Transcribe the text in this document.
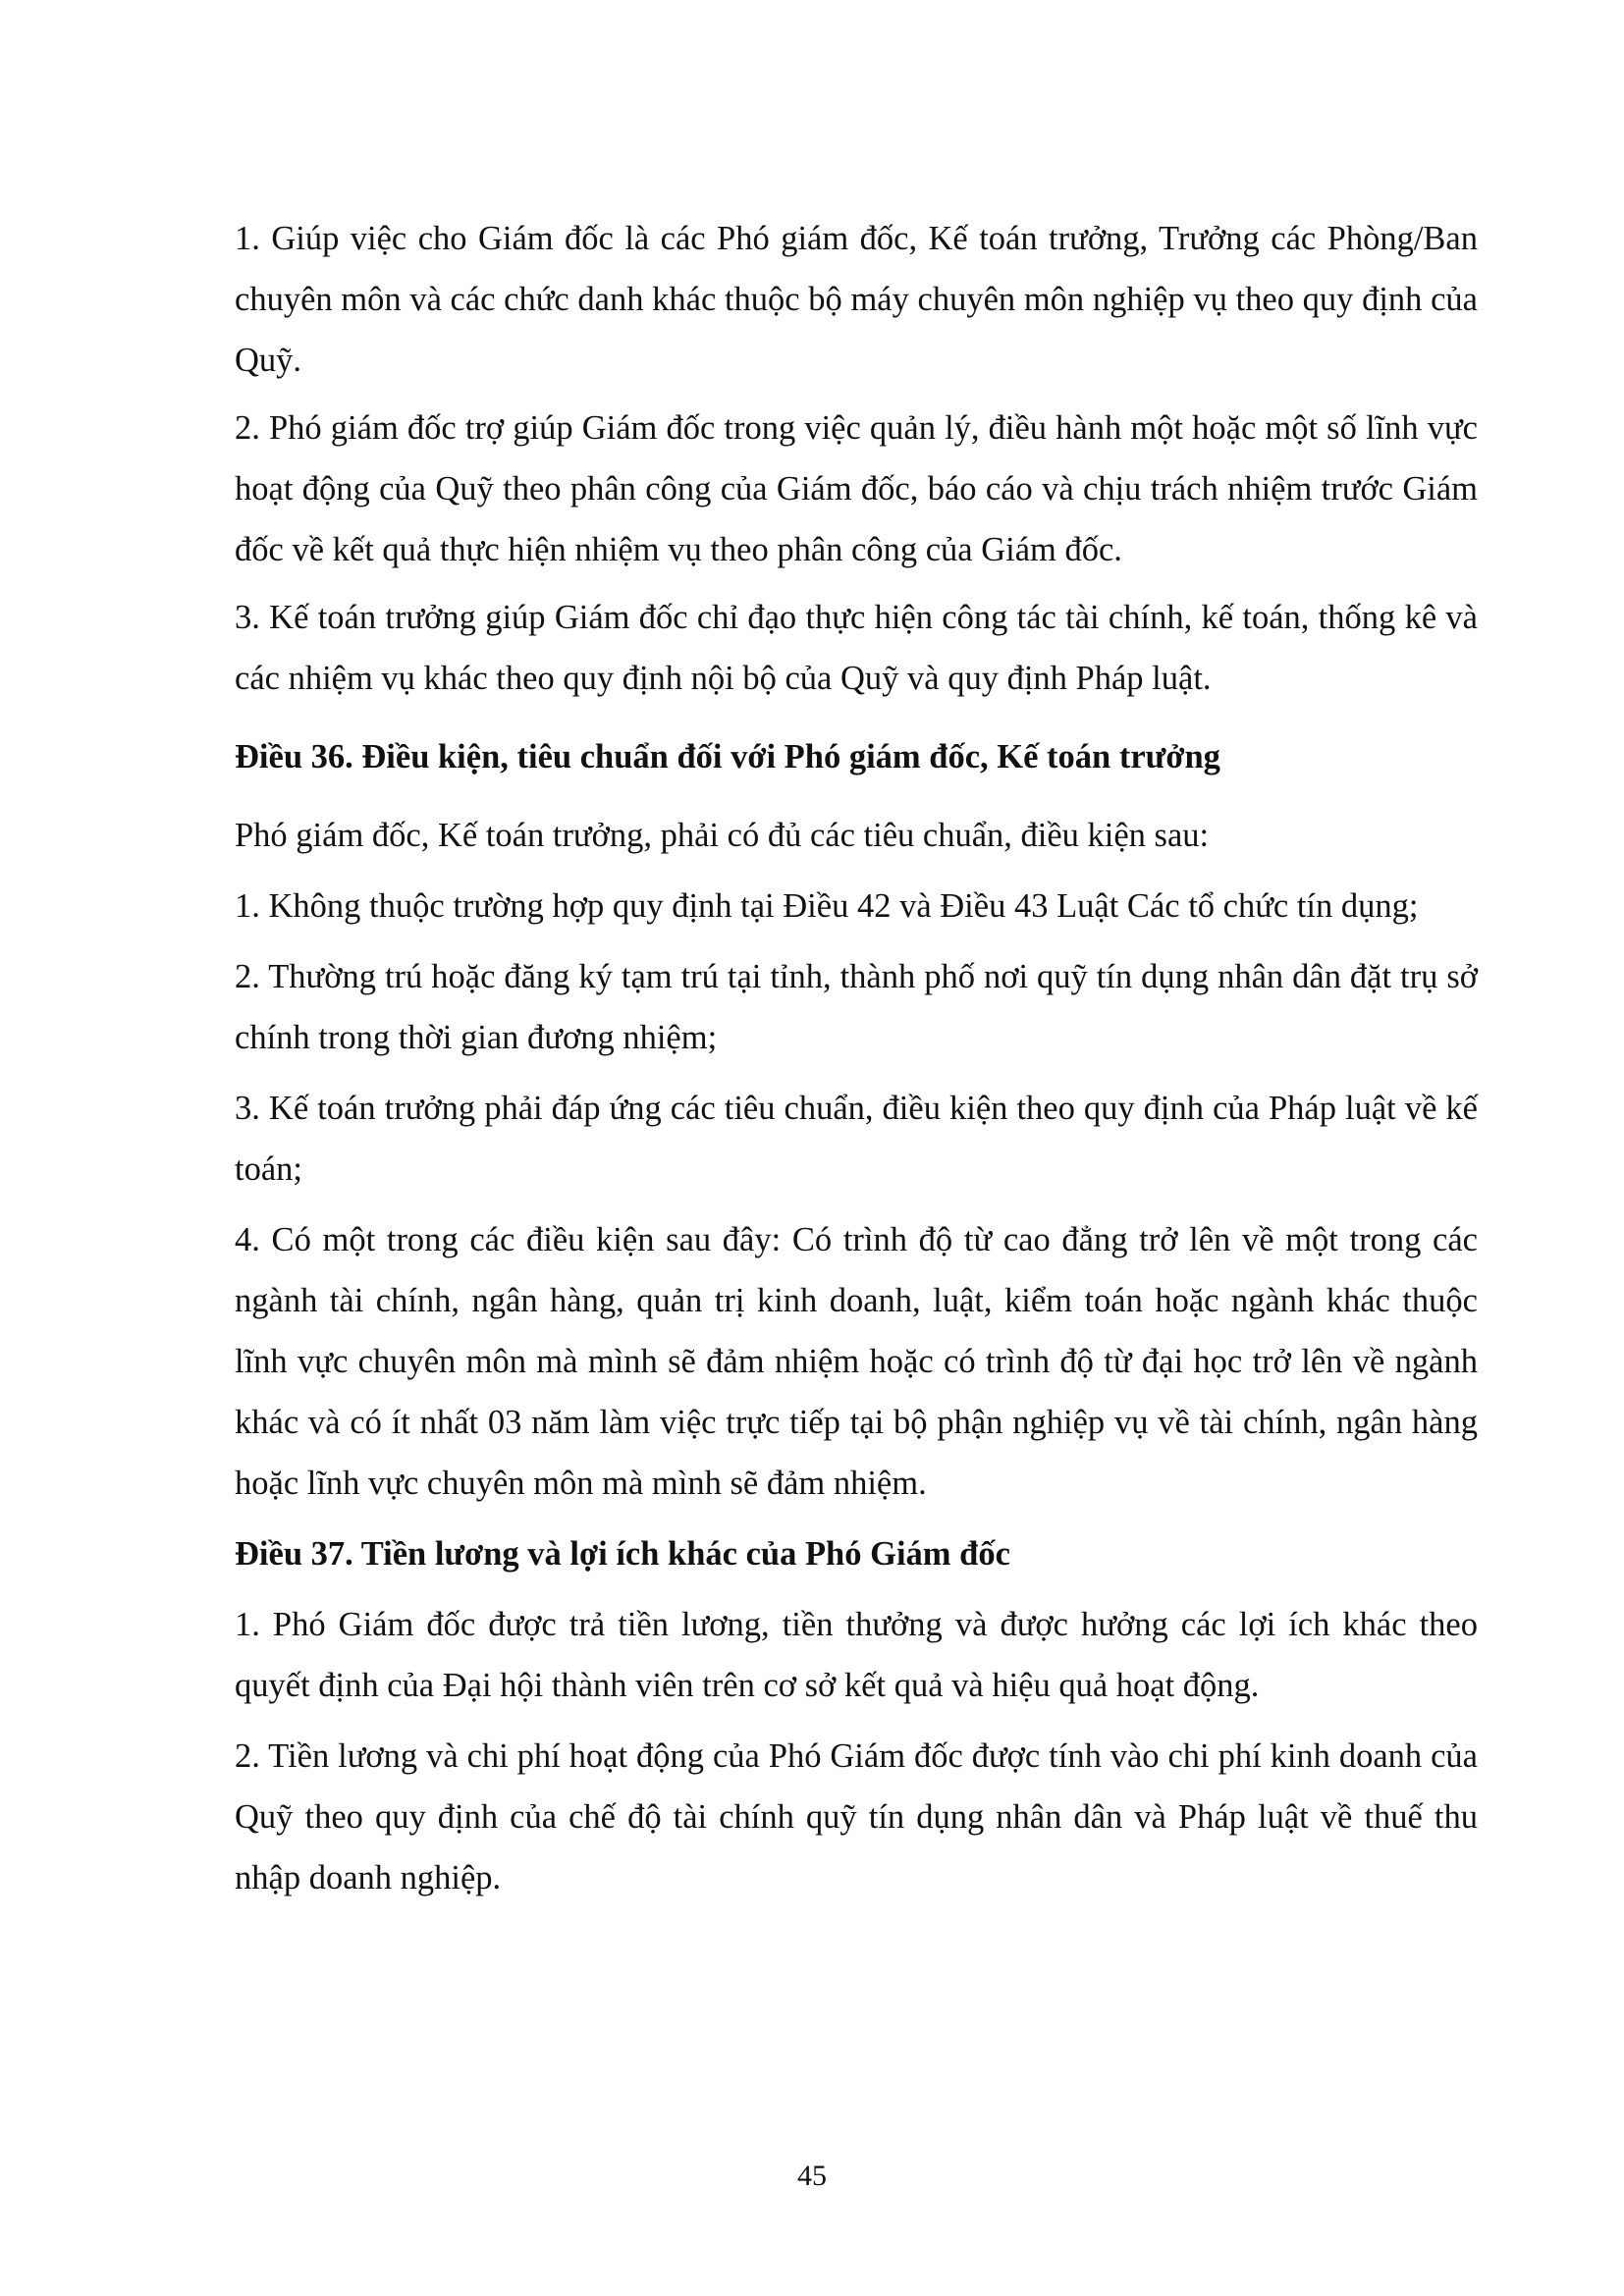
1. Giúp việc cho Giám đốc là các Phó giám đốc, Kế toán trưởng, Trưởng các Phòng/Ban chuyên môn và các chức danh khác thuộc bộ máy chuyên môn nghiệp vụ theo quy định của Quỹ.

2. Phó giám đốc trợ giúp Giám đốc trong việc quản lý, điều hành một hoặc một số lĩnh vực hoạt động của Quỹ theo phân công của Giám đốc, báo cáo và chịu trách nhiệm trước Giám đốc về kết quả thực hiện nhiệm vụ theo phân công của Giám đốc.

3. Kế toán trưởng giúp Giám đốc chỉ đạo thực hiện công tác tài chính, kế toán, thống kê và các nhiệm vụ khác theo quy định nội bộ của Quỹ và quy định Pháp luật.

Điều 36. Điều kiện, tiêu chuẩn đối với Phó giám đốc, Kế toán trưởng

Phó giám đốc, Kế toán trưởng, phải có đủ các tiêu chuẩn, điều kiện sau:

1. Không thuộc trường hợp quy định tại Điều 42 và Điều 43 Luật Các tổ chức tín dụng;

2. Thường trú hoặc đăng ký tạm trú tại tỉnh, thành phố nơi quỹ tín dụng nhân dân đặt trụ sở chính trong thời gian đương nhiệm;

3. Kế toán trưởng phải đáp ứng các tiêu chuẩn, điều kiện theo quy định của Pháp luật về kế toán;

4. Có một trong các điều kiện sau đây: Có trình độ từ cao đẳng trở lên về một trong các ngành tài chính, ngân hàng, quản trị kinh doanh, luật, kiểm toán hoặc ngành khác thuộc lĩnh vực chuyên môn mà mình sẽ đảm nhiệm hoặc có trình độ từ đại học trở lên về ngành khác và có ít nhất 03 năm làm việc trực tiếp tại bộ phận nghiệp vụ về tài chính, ngân hàng hoặc lĩnh vực chuyên môn mà mình sẽ đảm nhiệm.

Điều 37. Tiền lương và lợi ích khác của Phó Giám đốc

1. Phó Giám đốc được trả tiền lương, tiền thưởng và được hưởng các lợi ích khác theo quyết định của Đại hội thành viên trên cơ sở kết quả và hiệu quả hoạt động.

2. Tiền lương và chi phí hoạt động của Phó Giám đốc được tính vào chi phí kinh doanh của Quỹ theo quy định của chế độ tài chính quỹ tín dụng nhân dân và Pháp luật về thuế thu nhập doanh nghiệp.

45
